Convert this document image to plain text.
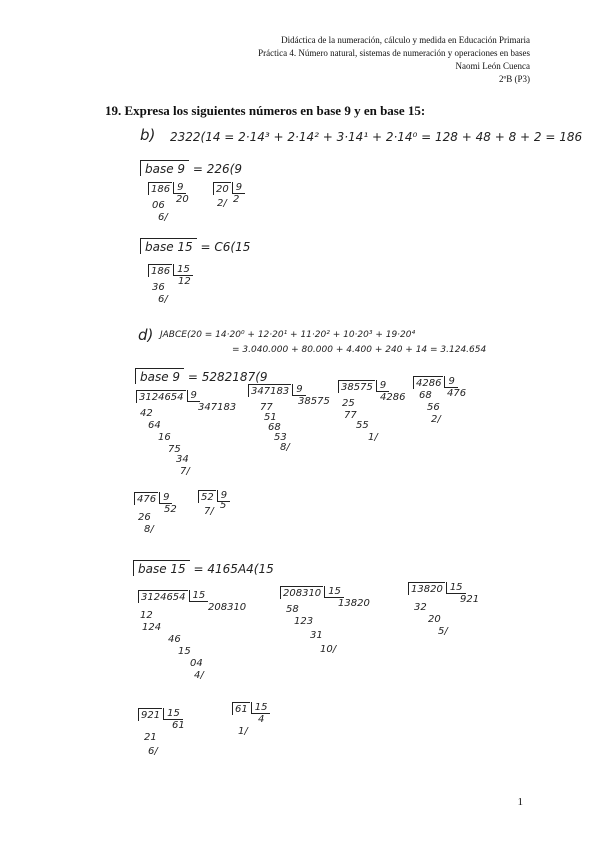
Didáctica de la numeración, cálculo y medida en Educación Primaria
Práctica 4. Número natural, sistemas de numeración y operaciones en bases
Naomi León Cuenca
2ºB (P3)
19. Expresa los siguientes números en base 9 y en base 15:
b) 2322(14 = 2·14³ + 2·14² + 3·14¹ + 2·14⁰ = 128 + 48 + 8 + 2 = 186
base 9 = 226(9
186 9
20
06
6/
20 9
2
2/
base 15 = C6(15
186 15
12
36
6/
d) JABCE(20 = 14·20⁰ + 12·20¹ + 11·20² + 10·20³ + 19·20⁴
= 3.040.000 + 80.000 + 4.400 + 240 + 14 = 3.124.654
base 9 = 5282187(9
3124654 9
347183
42
64
16
75
34
7/
347183 9
38575
77
51
68
53
8/
38575 9
4286
25
77
55
1/
4286 9
476
68
56
2/
476 9
52
26
8/
52 9
5
7/
base 15 = 4165A4(15
3124654 15
208310
12
124
46
15
04
4/
208310 15
13820
58
123
31
10/
13820 15
921
32
20
5/
921 15
61
21
6/
61 15
4
1/
1
